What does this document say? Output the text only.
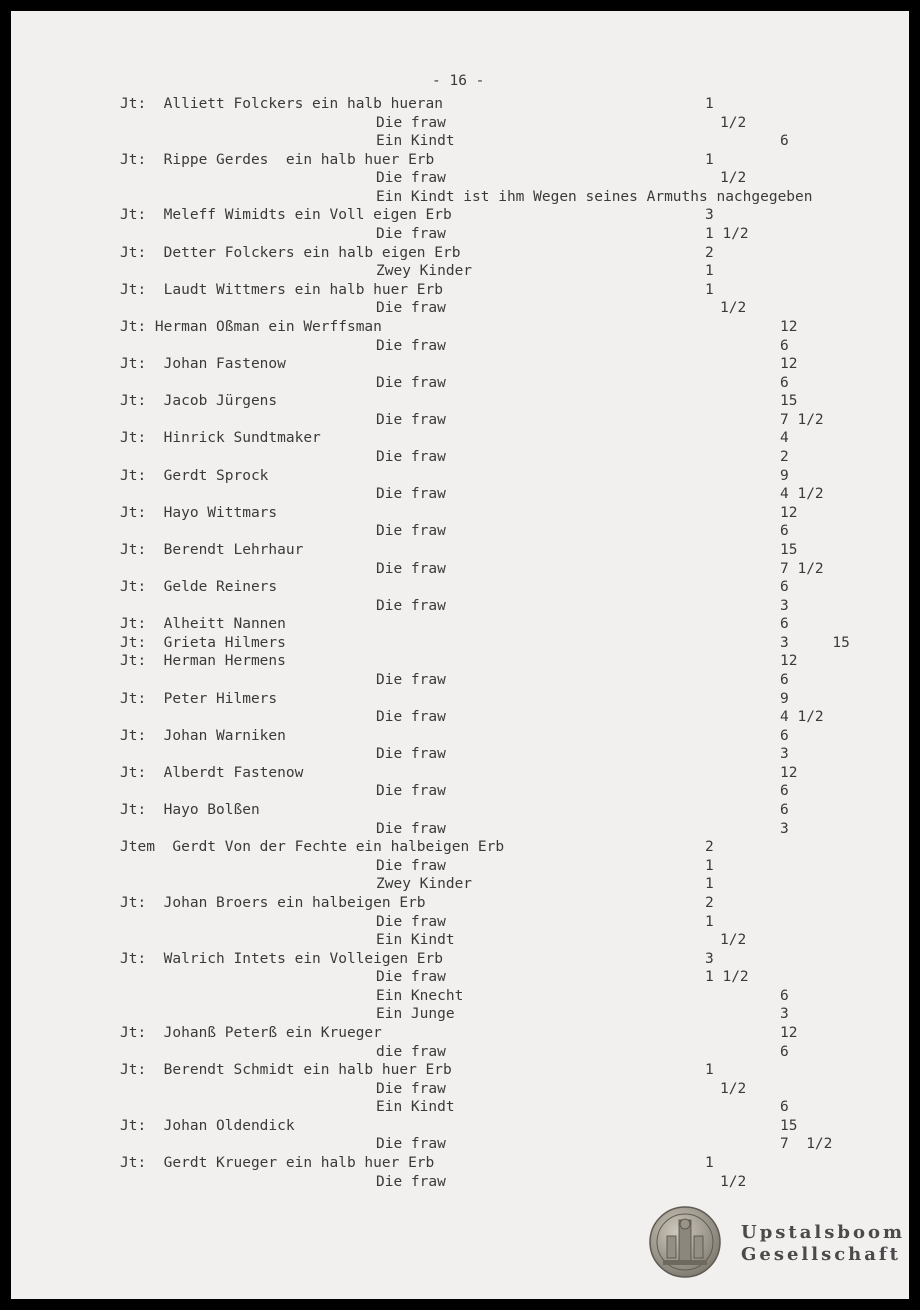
- 16 -
Jt:  Alliett Folckers ein halb hueran	1
Die fraw	1/2
Ein Kindt	6
Jt:  Rippe Gerdes  ein halb huer Erb	1
Die fraw	1/2
Ein Kindt ist ihm Wegen seines Armuths nachgegeben
Jt:  Meleff Wimidts ein Voll eigen Erb	3
Die fraw	1 1/2
Jt:  Detter Folckers ein halb eigen Erb	2
Zwey Kinder	1
Jt:  Laudt Wittmers ein halb huer Erb	1
Die fraw	1/2
Jt: Herman Oßman ein Werffsman	12
Die fraw	6
Jt:  Johan Fastenow	12
Die fraw	6
Jt:  Jacob Jürgens	15
Die fraw	7 1/2
Jt:  Hinrick Sundtmaker	4
Die fraw	2
Jt:  Gerdt Sprock	9
Die fraw	4 1/2
Jt:  Hayo Wittmars	12
Die fraw	6
Jt:  Berendt Lehrhaur	15
Die fraw	7 1/2
Jt:  Gelde Reiners	6
Die fraw	3
Jt:  Alheitt Nannen	6
Jt:  Grieta Hilmers	3     15
Jt:  Herman Hermens	12
Die fraw	6
Jt:  Peter Hilmers	9
Die fraw	4 1/2
Jt:  Johan Warniken	6
Die fraw	3
Jt:  Alberdt Fastenow	12
Die fraw	6
Jt:  Hayo Bolßen	6
Die fraw	3
Jtem  Gerdt Von der Fechte ein halbeigen Erb	2
Die fraw	1
Zwey Kinder	1
Jt:  Johan Broers ein halbeigen Erb	2
Die fraw	1
Ein Kindt	1/2
Jt:  Walrich Intets ein Volleigen Erb	3
Die fraw	1 1/2
Ein Knecht	6
Ein Junge	3
Jt:  Johanß Peterß ein Krueger	12
die fraw	6
Jt:  Berendt Schmidt ein halb huer Erb	1
Die fraw	1/2
Ein Kindt	6
Jt:  Johan Oldendick	15
Die fraw	7  1/2
Jt:  Gerdt Krueger ein halb huer Erb	1
Die fraw	1/2
Upstalsboom
Gesellschaft
